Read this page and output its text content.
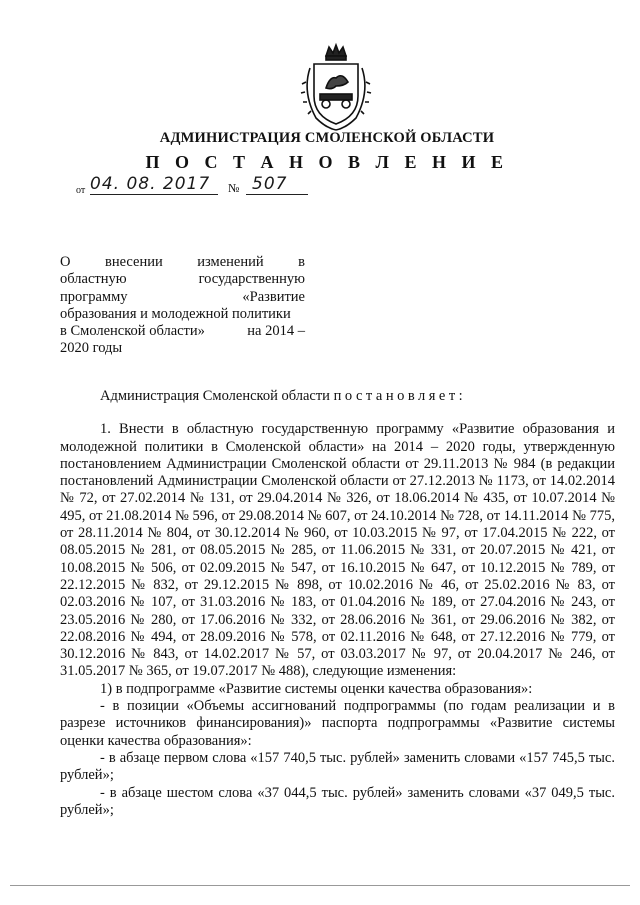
АДМИНИСТРАЦИЯ СМОЛЕНСКОЙ ОБЛАСТИ
П О С Т А Н О В Л Е Н И Е
от 04. 08. 2017 № 507
О внесении изменений в
областную	государственную
программу	«Развитие
образования и молодежной политики
в Смоленской области»	на 2014 –
2020 годы

Администрация Смоленской области постановляет:

1. Внести в областную государственную программу «Развитие образования и молодежной политики в Смоленской области» на 2014 – 2020 годы, утвержденную постановлением Администрации Смоленской области от 29.11.2013 № 984 (в редакции постановлений Администрации Смоленской области от 27.12.2013 № 1173, от 14.02.2014 № 72, от 27.02.2014 № 131, от 29.04.2014 № 326, от 18.06.2014 № 435, от 10.07.2014 № 495, от 21.08.2014 № 596, от 29.08.2014 № 607, от 24.10.2014 № 728, от 14.11.2014 № 775, от 28.11.2014 № 804, от 30.12.2014 № 960, от 10.03.2015 № 97, от 17.04.2015 № 222, от 08.05.2015 № 281, от 08.05.2015 № 285, от 11.06.2015 № 331, от 20.07.2015 № 421, от 10.08.2015 № 506, от 02.09.2015 № 547, от 16.10.2015 № 647, от 10.12.2015 № 789, от 22.12.2015 № 832, от 29.12.2015 № 898, от 10.02.2016 № 46, от 25.02.2016 № 83, от 02.03.2016 № 107, от 31.03.2016 № 183, от 01.04.2016 № 189, от 27.04.2016 № 243, от 23.05.2016 № 280, от 17.06.2016 № 332, от 28.06.2016 № 361, от 29.06.2016 № 382, от 22.08.2016 № 494, от 28.09.2016 № 578, от 02.11.2016 № 648, от 27.12.2016 № 779, от 30.12.2016 № 843, от 14.02.2017 № 57, от 03.03.2017 № 97, от 20.04.2017 № 246, от 31.05.2017 № 365, от 19.07.2017 № 488), следующие изменения:

1) в подпрограмме «Развитие системы оценки качества образования»:

- в позиции «Объемы ассигнований подпрограммы (по годам реализации и в разрезе источников финансирования)» паспорта подпрограммы «Развитие системы оценки качества образования»:

- в абзаце первом слова «157 740,5 тыс. рублей» заменить словами «157 745,5 тыс. рублей»;

- в абзаце шестом слова «37 044,5 тыс. рублей» заменить словами «37 049,5 тыс. рублей»;
